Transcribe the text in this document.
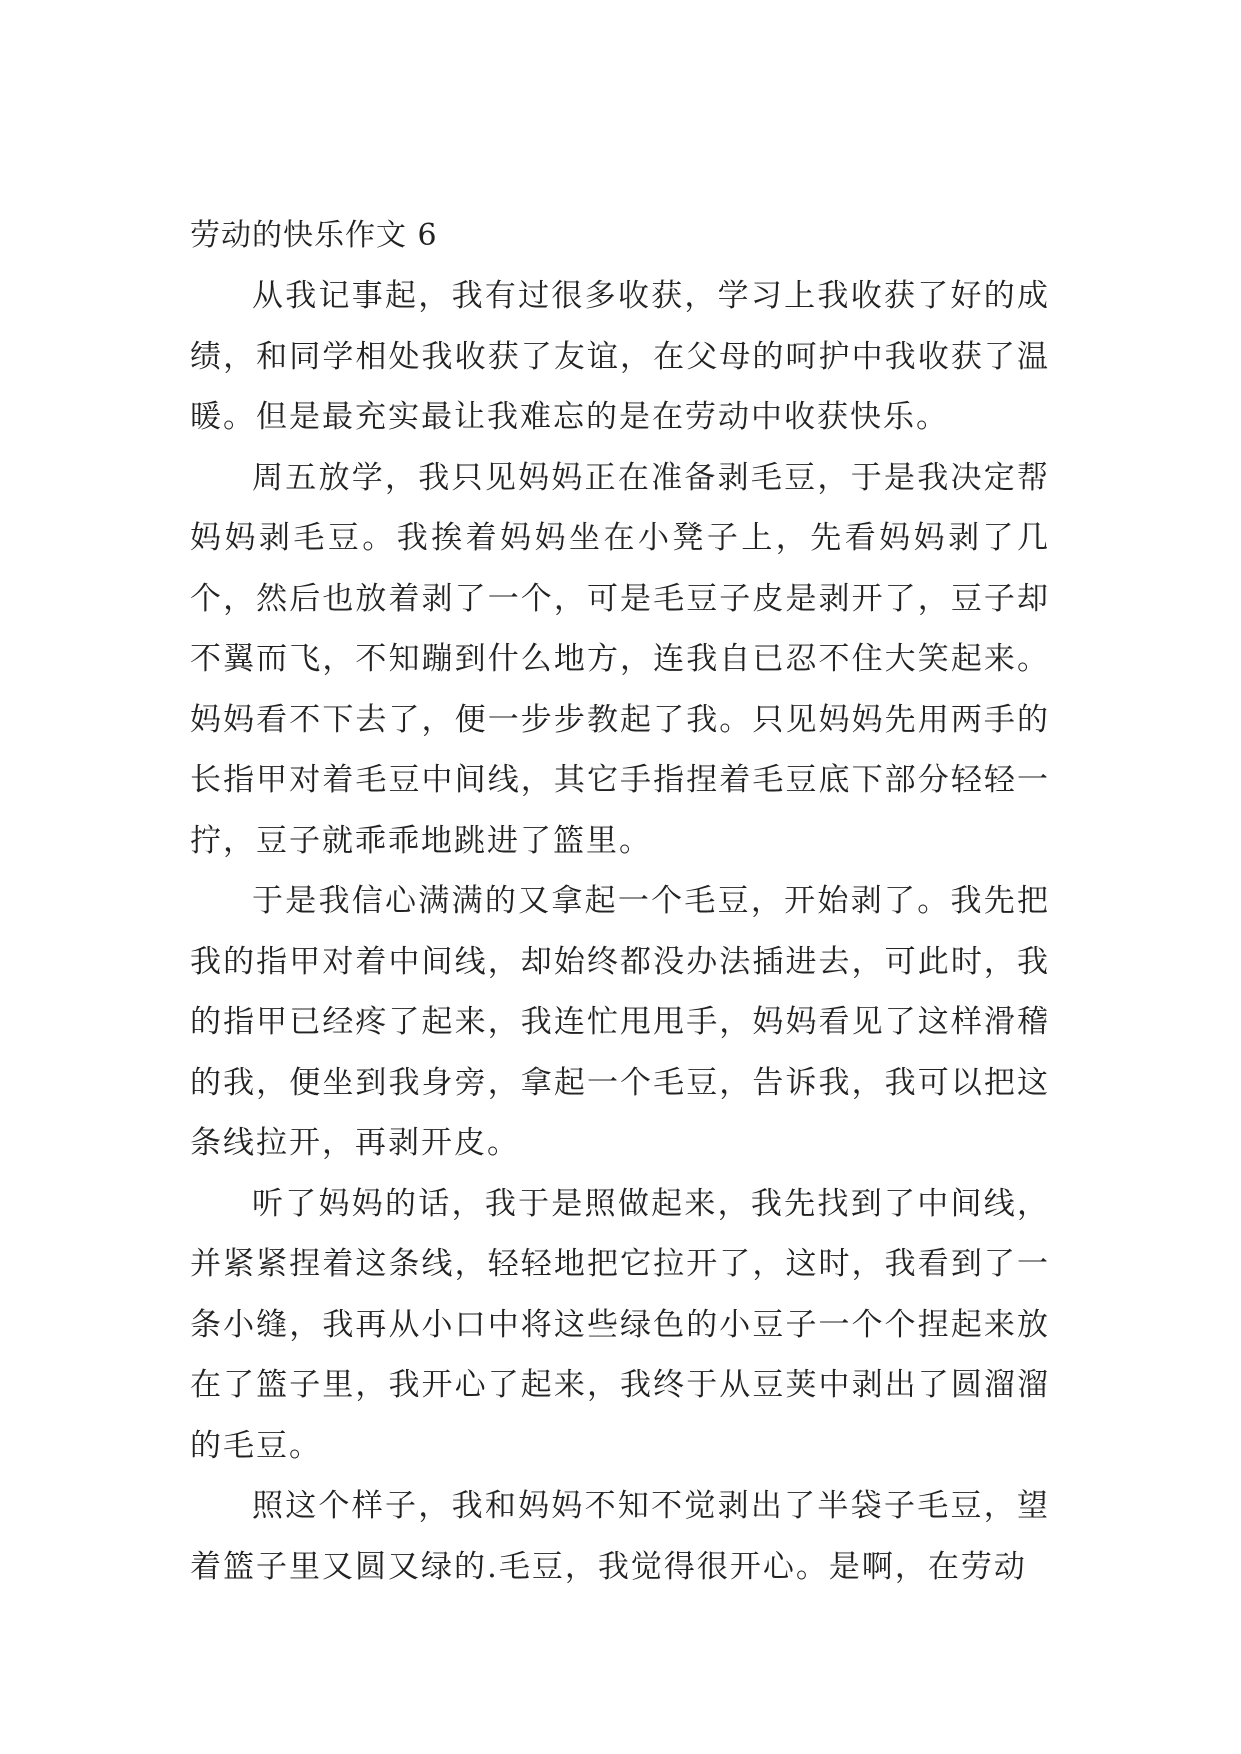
劳动的快乐作文 6

从我记事起，我有过很多收获，学习上我收获了好的成绩，和同学相处我收获了友谊，在父母的呵护中我收获了温暖。但是最充实最让我难忘的是在劳动中收获快乐。

周五放学，我只见妈妈正在准备剥毛豆，于是我决定帮妈妈剥毛豆。我挨着妈妈坐在小凳子上，先看妈妈剥了几个，然后也放着剥了一个，可是毛豆子皮是剥开了，豆子却不翼而飞，不知蹦到什么地方，连我自已忍不住大笑起来。妈妈看不下去了，便一步步教起了我。只见妈妈先用两手的长指甲对着毛豆中间线，其它手指捏着毛豆底下部分轻轻一拧，豆子就乖乖地跳进了篮里。

于是我信心满满的又拿起一个毛豆，开始剥了。我先把我的指甲对着中间线，却始终都没办法插进去，可此时，我的指甲已经疼了起来，我连忙甩甩手，妈妈看见了这样滑稽的我，便坐到我身旁，拿起一个毛豆，告诉我，我可以把这条线拉开，再剥开皮。

听了妈妈的话，我于是照做起来，我先找到了中间线，并紧紧捏着这条线，轻轻地把它拉开了，这时，我看到了一条小缝，我再从小口中将这些绿色的小豆子一个个捏起来放在了篮子里，我开心了起来，我终于从豆荚中剥出了圆溜溜的毛豆。

照这个样子，我和妈妈不知不觉剥出了半袋子毛豆，望着篮子里又圆又绿的.毛豆，我觉得很开心。是啊，在劳动
